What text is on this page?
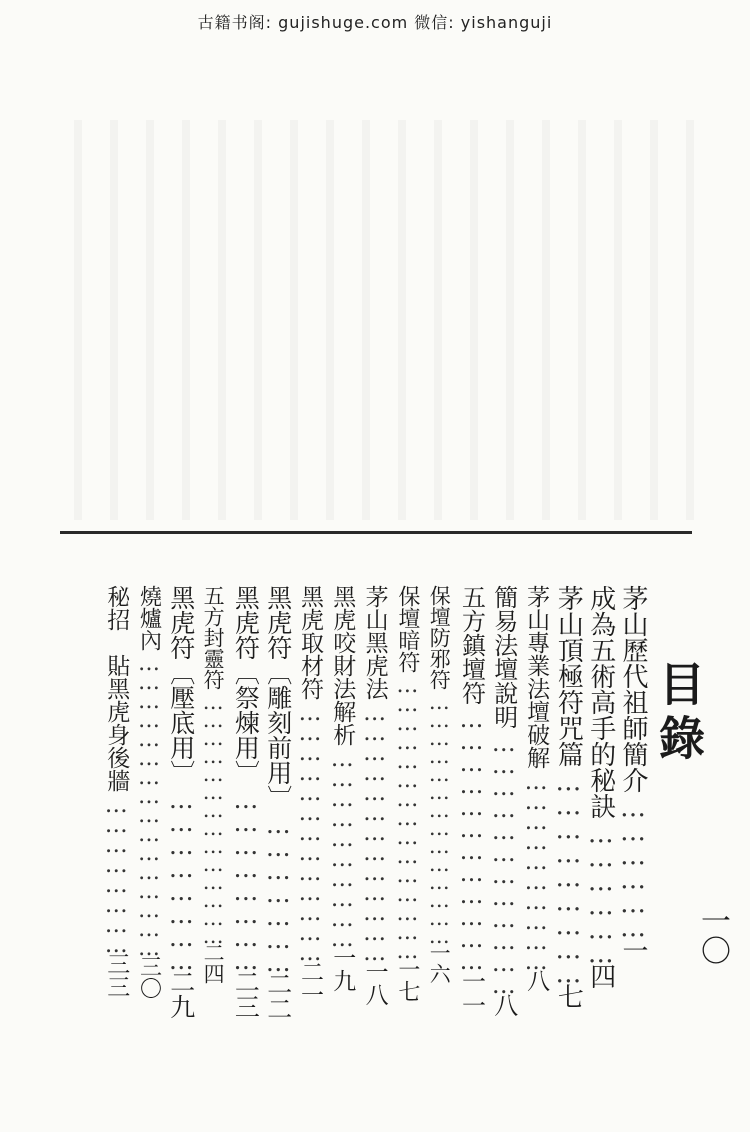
古籍书阁: gujishuge.com 微信: yishanguji
目錄
一〇
茅山歷代祖師簡介………………一
成為五術高手的秘訣………………四
茅山頂極符咒篇………………………七
茅山專業法壇破解…………………………八
簡易法壇說明………………………………八
五方鎮壇符………………………………一一
保壇防邪符……………………………………一六
保壇暗符………………………………………一七
茅山黑虎法…………………………………一八
黑虎咬財法解析…………………………一九
黑虎取材符…………………………………二一
黑虎符〔雕刻前用〕…………………二二
黑虎符〔祭煉用〕……………………二三
五方封靈符……………………………………二四
黑虎符〔壓底用〕……………………二九
燒爐內…………………………………………三〇
秘招　貼黑虎身後牆……………………三三
